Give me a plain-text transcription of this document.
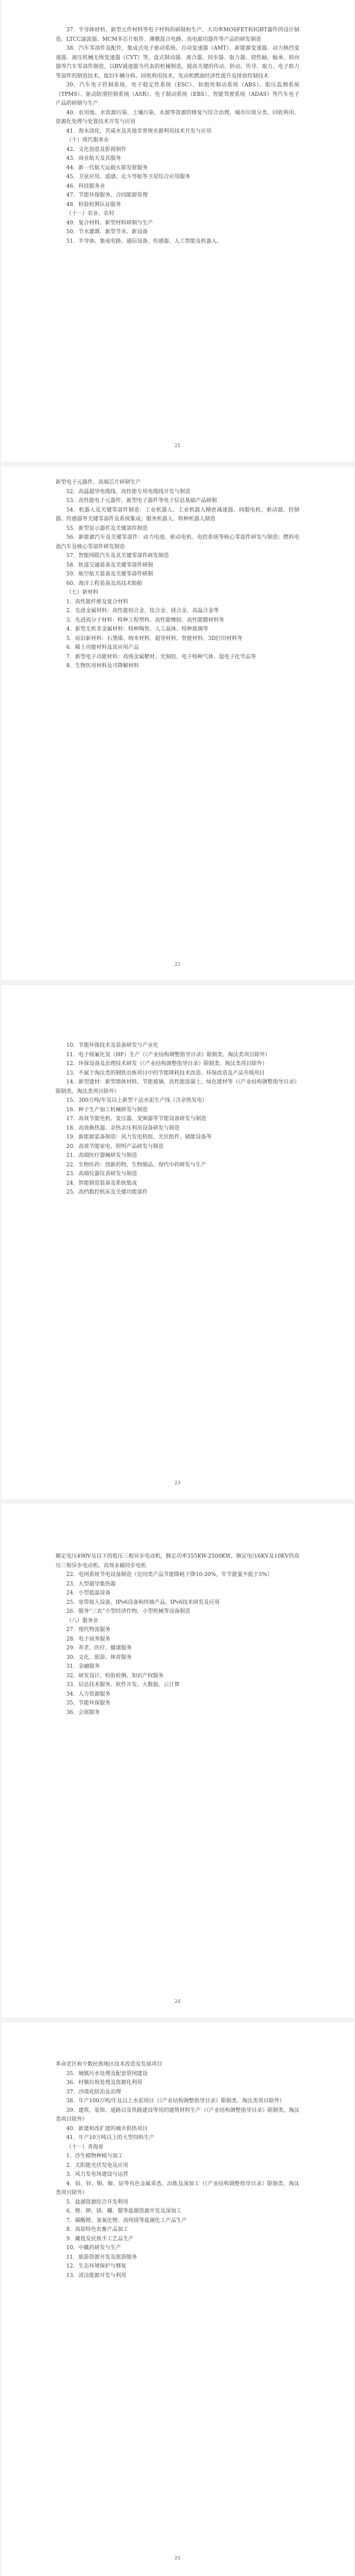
37．半导体材料、新型元件材料等电子材料的研制和生产，大功率MOSFET和IGBT器件的设计制造，LTCC滤波器、MCM多芯片组件、薄膜混合电路、高电源功器件等产品的研发制造

38．汽车零部件及配件，集成式电子驱动系统、自动变速器（AMT）、新能源变速器、动力换挡变速器、液压机械无级变速器（CVT）等，盘式制动器、离合器、同步器、取力器、挠性轴、轴承、转向器等汽车零部件制造，以RV减速器为代表的机械制造，提高关键的传动、转动、传导、取力、电子助力等部件的制造技术，废旧车辆分拆、回收利用技术，发动机燃油经济性提升及排放控制技术

39．汽车电子控制系统，电子稳定性系统（ESC）、防抱死制动系统（ABS）、胎压监测系统（TPMS）、驱动防滑控制系统（ASR）、电子制动系统（EBS）、智能驾驶系统（ADAS）等汽车电子产品的研制与生产

40．农用地、水资源污染、土壤污染、水源等资源的修复与综合治理，城市垃圾分类、回收利用、资源化处理与处置技术开发与应用

41．海水淡化、苦咸水及其他非常规水源利用技术开发与应用

（十）现代服务业

42．文化创意及影视制作

43．商业航天及其服务

44．新一代航天运载火箭发射服务

45．卫星应用、遥感、北斗导航等卫星综合应用服务

46．科技服务业

47．节能环保服务、合同能源管理

48．检验检测认证服务

（十一）农业、农村

49．复合材料、新型材料研制与生产

50．节水灌溉、新型节水、新设备

51．半导体、集成电路、通信设备、传感器、人工智能及机器人、

21

新型电子元器件、高端芯片研制生产

52．高温超导电缆线、高性能专用电缆线开发与制造

53．高性能电子元器件、新型电子器件等电子信息基础产品研制

54．机器人及关键零部件制造：工业机器人、工业机器人精密减速器、伺服电机、驱动器、控制器、传感器等关键零部件及系统集成；服务机器人、特种机器人制造

55．新型显示器件及关键部件制造

56．新能源汽车及关键零部件：动力电池、驱动电机、电控系统等核心零部件研发与制造；燃料电池汽车及核心零部件研发制造

57．智能网联汽车及其关键零部件研发制造

58．轨道交通装备及关键零部件研制

59．航空航天装备及关键零部件研制

60．海洋工程装备及高技术船舶

（七）新材料

1．高性能纤维及复合材料

2．先进金属材料：高性能铝合金、钛合金、镁合金、高温合金等

3．先进高分子材料：特种工程塑料、高性能橡胶、高性能膜材料等

4．新型无机非金属材料：特种陶瓷、人工晶体、特种玻璃等

5．前沿新材料：石墨烯、纳米材料、超导材料、智能材料、3D打印材料等

6．稀土功能材料及其应用产品

7．新型电子功能材料：高纯金属靶材、光刻胶、电子特种气体、湿电子化学品等

8．生物医用材料及可降解材料

22

10．节能环保技术及装备研发与产业化

11．电子级氟化氢（HF）生产（《产业结构调整指导目录》限制类、淘汰类项目除外）

12．环保设备及治理技术研发（《产业结构调整指导目录》限制类、淘汰类项目除外）

13．不属于淘汰类的钢铁冶炼项目中的节能降耗技术改造、环保改造及产品升级项目

14．新型建材：新型墙体材料、节能玻璃、高性能混凝土、绿色建材等（《产业结构调整指导目录》限制类、淘汰类项目除外）

15．300万吨/年及以上新型干法水泥生产线（含余热发电）

16．种子生产加工机械研发与制造

17．高效节能电机、变压器、变频器等节能设备研发与制造

18．高效换热器、余热余压利用设备研发与制造

19．新能源装备制造：风力发电机组、光伏组件、储能设备等

20．高效节能家电、照明产品研发与制造

21．高端医疗器械研发与制造

22．生物医药：创新药物、生物制品、现代中药研发与生产

23．高端仪器仪表研发与制造

24．智能制造装备及系统集成

25．高档数控机床及关键功能部件

23

额定电压490V及以下的低压三相异步电动机，额定功率355KW-2500KW，额定电压6KV及10KV的高压三相异步电动机，高效永磁同步电机

22．电网系统节电设备制造（比同类产品节能降耗下降10-20%，年节能量不低于5%）

23．大型超导集热器

24．小型低温设备

25．宽带接入设备、IPv6设备和终端产品，IPv6技术研发及应用

26．服务“三农”小型经济作物、小型机械等设备制造

（八）服务业

27．现代物流服务

28．电子商务服务

29．养老、医疗、健康服务

30．文化、旅游、体育服务

31．金融服务

32．研发设计、检验检测、知识产权服务

33．信息技术服务、软件开发、大数据、云计算

34．人力资源服务

35．节能环保服务

36．会展服务

24

革命老区和少数民族地区技术改造及发展项目

35．城镇污水处理及配套管网建设

36．村镇垃圾处理及资源化利用

37．沙漠化防治及治理

38．年产100万吨/年及以上水泥项目（《产业结构调整指导目录》限制类、淘汰类项目除外）

39．建筑、装饰、道路以及铁路建设等用的建筑材料生产（《产业结构调整指导目录》限制类、淘汰类项目除外）

40．新建和改扩建的城市供热项目

41．年产10万吨以上的大型饲料生产

（十一）青海省

1．沙生植物种植与加工

2．太阳能光伏发电及应用

3．风力发电场建设与运营

4．铅、锌、铜、镍、钴等有色金属采选、冶炼及深加工（《产业结构调整指导目录》限制类、淘汰类项目除外）

5．盐湖资源综合开发利用

6．锂、钾、镁、硼、锶等盐湖资源开发及深加工

7．碳酸锂、氢氧化锂、高纯镁等盐湖化工产品生产

8．高原特色农畜产品加工

9．藏毯及民族手工艺品生产

10．中藏药研发与生产

11．旅游资源开发及旅游服务

12．生态环境保护与修复

13．清洁能源开发与利用

25
